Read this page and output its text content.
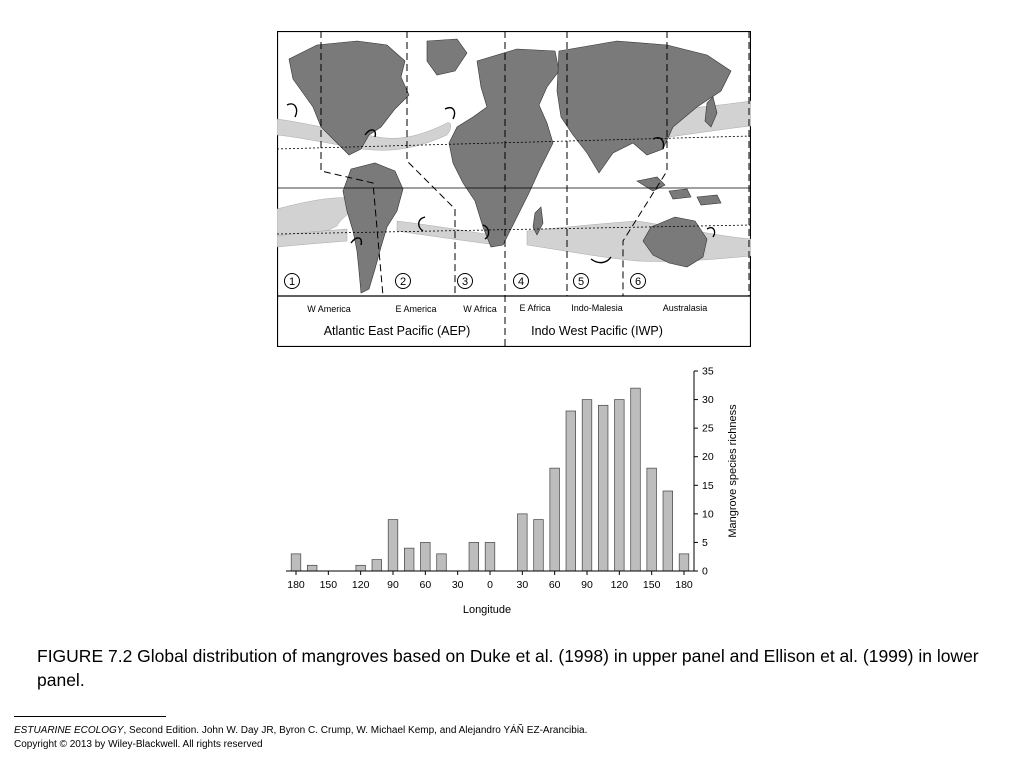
1	2	3	4	5	6
W America	E America	W Africa	E Africa Indo-Malesia	Australasia
Atlantic East Pacific (AEP)	Indo West Pacific (IWP)
180 150 120 90 60 30 0 30 60 90 120 150 180
0
5
10
15
20
25
30
35
Longitude
Mangrove species richness
FIGURE 7.2 Global distribution of mangroves based on Duke et al. (1998) in upper panel and Ellison et al. (1999) in lower panel.
ESTUARINE ECOLOGY, Second Edition. John W. Day JR, Byron C. Crump, W. Michael Kemp, and Alejandro YÁÑ EZ-Arancibia.
Copyright © 2013 by Wiley-Blackwell. All rights reserved
